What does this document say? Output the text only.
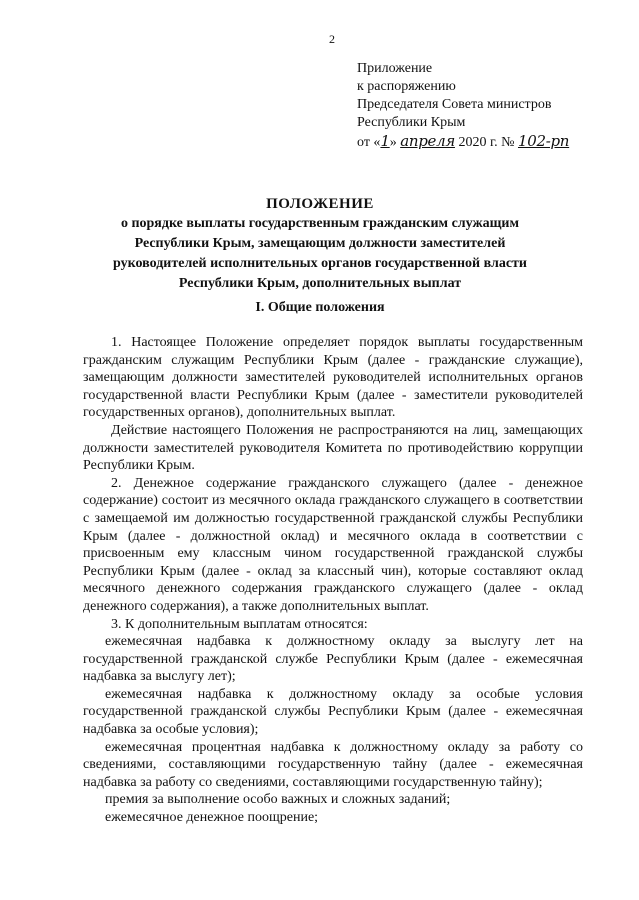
2
Приложение
к распоряжению
Председателя Совета министров
Республики Крым
от «1» апреля 2020 г. № 102-рп
ПОЛОЖЕНИЕ
о порядке выплаты государственным гражданским служащим
Республики Крым, замещающим должности заместителей
руководителей исполнительных органов государственной власти
Республики Крым, дополнительных выплат
I. Общие положения

1. Настоящее Положение определяет порядок выплаты государственным гражданским служащим Республики Крым (далее - гражданские служащие), замещающим должности заместителей руководителей исполнительных органов государственной власти Республики Крым (далее - заместители руководителей государственных органов), дополнительных выплат.

Действие настоящего Положения не распространяются на лиц, замещающих должности заместителей руководителя Комитета по противодействию коррупции Республики Крым.

2. Денежное содержание гражданского служащего (далее - денежное содержание) состоит из месячного оклада гражданского служащего в соответствии с замещаемой им должностью государственной гражданской службы Республики Крым (далее - должностной оклад) и месячного оклада в соответствии с присвоенным ему классным чином государственной гражданской службы Республики Крым (далее - оклад за классный чин), которые составляют оклад месячного денежного содержания гражданского служащего (далее - оклад денежного содержания), а также дополнительных выплат.

3. К дополнительным выплатам относятся:

ежемесячная надбавка к должностному окладу за выслугу лет на государственной гражданской службе Республики Крым (далее - ежемесячная надбавка за выслугу лет);

ежемесячная надбавка к должностному окладу за особые условия государственной гражданской службы Республики Крым (далее - ежемесячная надбавка за особые условия);

ежемесячная процентная надбавка к должностному окладу за работу со сведениями, составляющими государственную тайну (далее - ежемесячная надбавка за работу со сведениями, составляющими государственную тайну);

премия за выполнение особо важных и сложных заданий;

ежемесячное денежное поощрение;
